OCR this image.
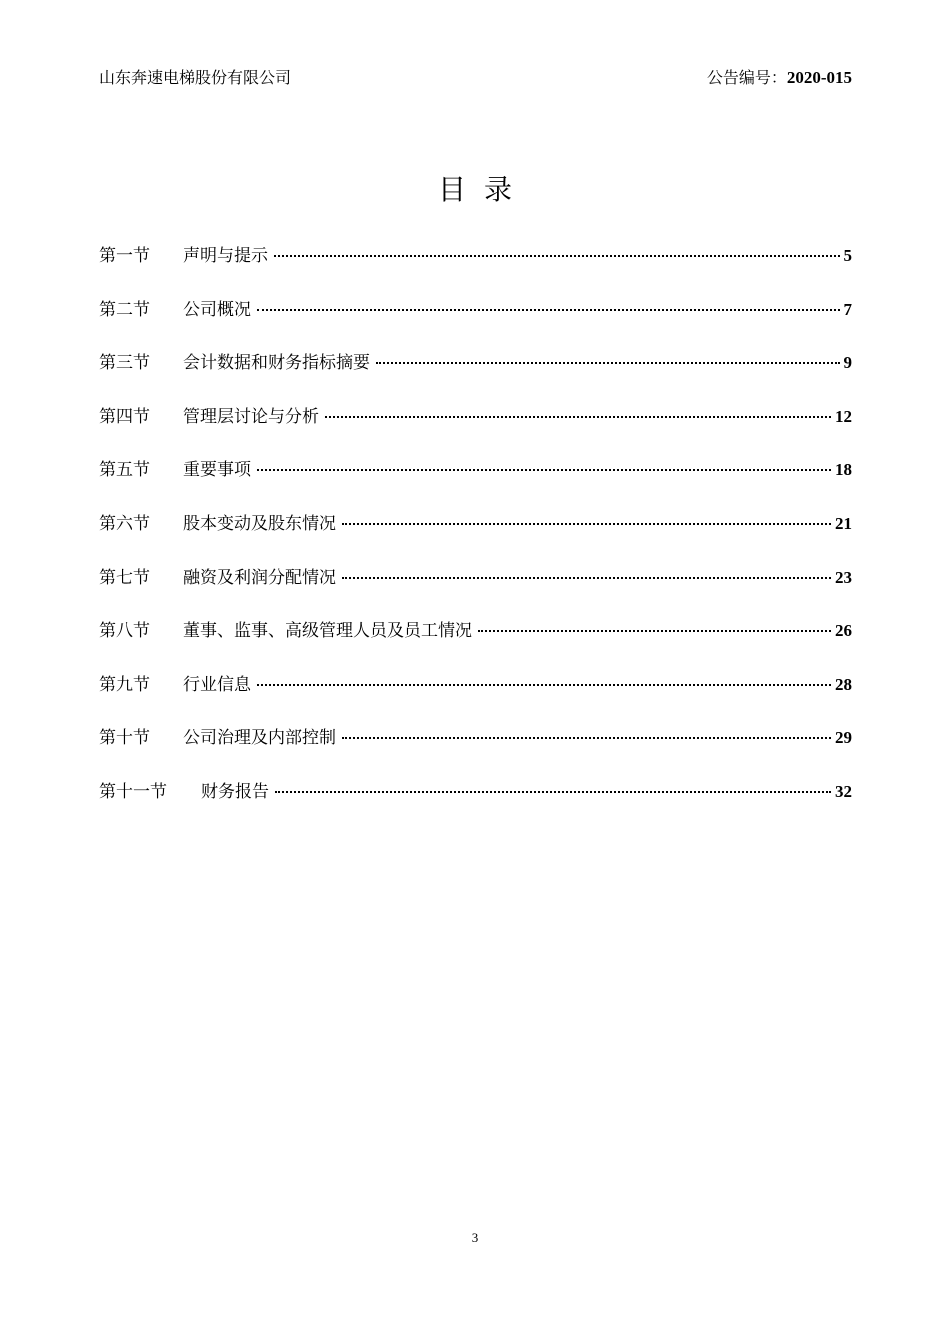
山东奔速电梯股份有限公司	公告编号：2020-015
目录
第一节	声明与提示	5
第二节	公司概况	7
第三节	会计数据和财务指标摘要	9
第四节	管理层讨论与分析	12
第五节	重要事项	18
第六节	股本变动及股东情况	21
第七节	融资及利润分配情况	23
第八节	董事、监事、高级管理人员及员工情况	26
第九节	行业信息	28
第十节	公司治理及内部控制	29
第十一节	财务报告	32
3
